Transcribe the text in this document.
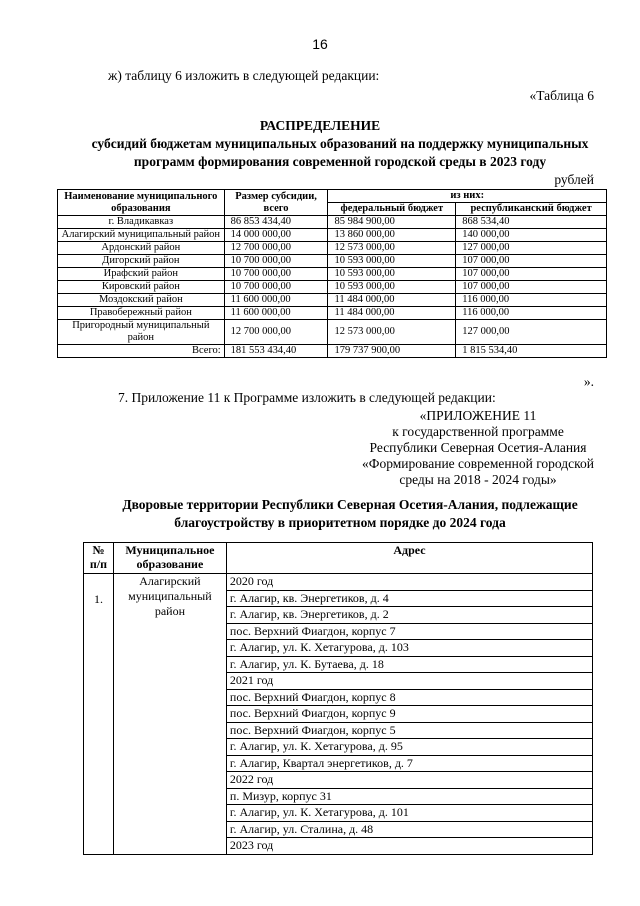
16
ж) таблицу 6 изложить в следующей редакции:
«Таблица 6
РАСПРЕДЕЛЕНИЕ
субсидий бюджетам муниципальных образований на поддержку муниципальных
программ формирования современной городской среды в 2023 году
рублей
Наименование муниципального образования	Размер субсидии, всего	из них:	
		федеральный бюджет	республиканский бюджет
г. Владикавказ	86 853 434,40	85 984 900,00	868 534,40
Алагирский муниципальный район	14 000 000,00	13 860 000,00	140 000,00
Ардонский район	12 700 000,00	12 573 000,00	127 000,00
Дигорский район	10 700 000,00	10 593 000,00	107 000,00
Ирафский район	10 700 000,00	10 593 000,00	107 000,00
Кировский район	10 700 000,00	10 593 000,00	107 000,00
Моздокский район	11 600 000,00	11 484 000,00	116 000,00
Правобережный район	11 600 000,00	11 484 000,00	116 000,00
Пригородный муниципальный район	12 700 000,00	12 573 000,00	127 000,00
Всего:	181 553 434,40	179 737 900,00	1 815 534,40
».
7. Приложение 11 к Программе изложить в следующей редакции:
«ПРИЛОЖЕНИЕ 11
к государственной программе
Республики Северная Осетия-Алания
«Формирование современной городской
среды на 2018 - 2024 годы»
Дворовые территории Республики Северная Осетия-Алания, подлежащие
благоустройству в приоритетном порядке до 2024 года
№ п/п	Муниципальное образование	Адрес
1.	Алагирский муниципальный район	2020 год
		г. Алагир, кв. Энергетиков, д. 4
		г. Алагир, кв. Энергетиков, д. 2
		пос. Верхний Фиагдон, корпус 7
		г. Алагир, ул. К. Хетагурова, д. 103
		г. Алагир, ул. К. Бутаева, д. 18
		2021 год
		пос. Верхний Фиагдон, корпус 8
		пос. Верхний Фиагдон, корпус 9
		пос. Верхний Фиагдон, корпус 5
		г. Алагир, ул. К. Хетагурова, д. 95
		г. Алагир, Квартал энергетиков, д. 7
		2022 год
		п. Мизур, корпус 31
		г. Алагир, ул. К. Хетагурова, д. 101
		г. Алагир, ул. Сталина, д. 48
		2023 год
